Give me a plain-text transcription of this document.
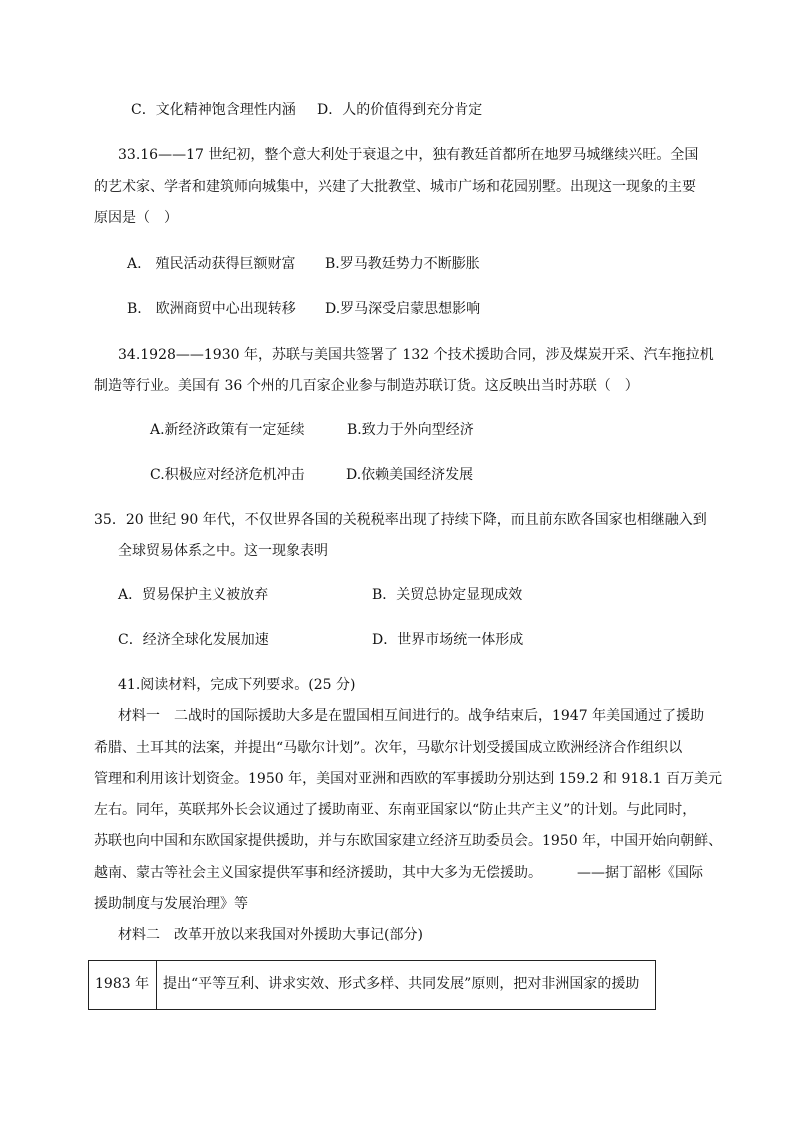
C．文化精神饱含理性内涵 D．人的价值得到充分肯定
33.16——17 世纪初，整个意大利处于衰退之中，独有教廷首都所在地罗马城继续兴旺。全国
的艺术家、学者和建筑师向城集中，兴建了大批教堂、城市广场和花园别墅。出现这一现象的主要
原因是（　）
A.　殖民活动获得巨额财富 B.罗马教廷势力不断膨胀
B.　欧洲商贸中心出现转移 D.罗马深受启蒙思想影响
34.1928——1930 年，苏联与美国共签署了 132 个技术援助合同，涉及煤炭开采、汽车拖拉机
制造等行业。美国有 36 个州的几百家企业参与制造苏联订货。这反映出当时苏联（　）
A.新经济政策有一定延续	B.致力于外向型经济
C.积极应对经济危机冲击	D.依赖美国经济发展
35．20 世纪 90 年代，不仅世界各国的关税税率出现了持续下降，而且前东欧各国家也相继融入到
全球贸易体系之中。这一现象表明
A．贸易保护主义被放弃	B．关贸总协定显现成效
C．经济全球化发展加速	D．世界市场统一体形成
41.阅读材料，完成下列要求。(25 分)
材料一　二战时的国际援助大多是在盟国相互间进行的。战争结束后，1947 年美国通过了援助
希腊、土耳其的法案，并提出“马歇尔计划”。次年，马歇尔计划受援国成立欧洲经济合作组织以
管理和利用该计划资金。1950 年，美国对亚洲和西欧的军事援助分别达到 159.2 和 918.1 百万美元
左右。同年，英联邦外长会议通过了援助南亚、东南亚国家以“防止共产主义”的计划。与此同时，
苏联也向中国和东欧国家提供援助，并与东欧国家建立经济互助委员会。1950 年，中国开始向朝鲜、
越南、蒙古等社会主义国家提供军事和经济援助，其中大多为无偿援助。　　　——据丁韶彬《国际
援助制度与发展治理》等
材料二　改革开放以来我国对外援助大事记(部分)
1983 年 提出“平等互利、讲求实效、形式多样、共同发展”原则，把对非洲国家的援助
